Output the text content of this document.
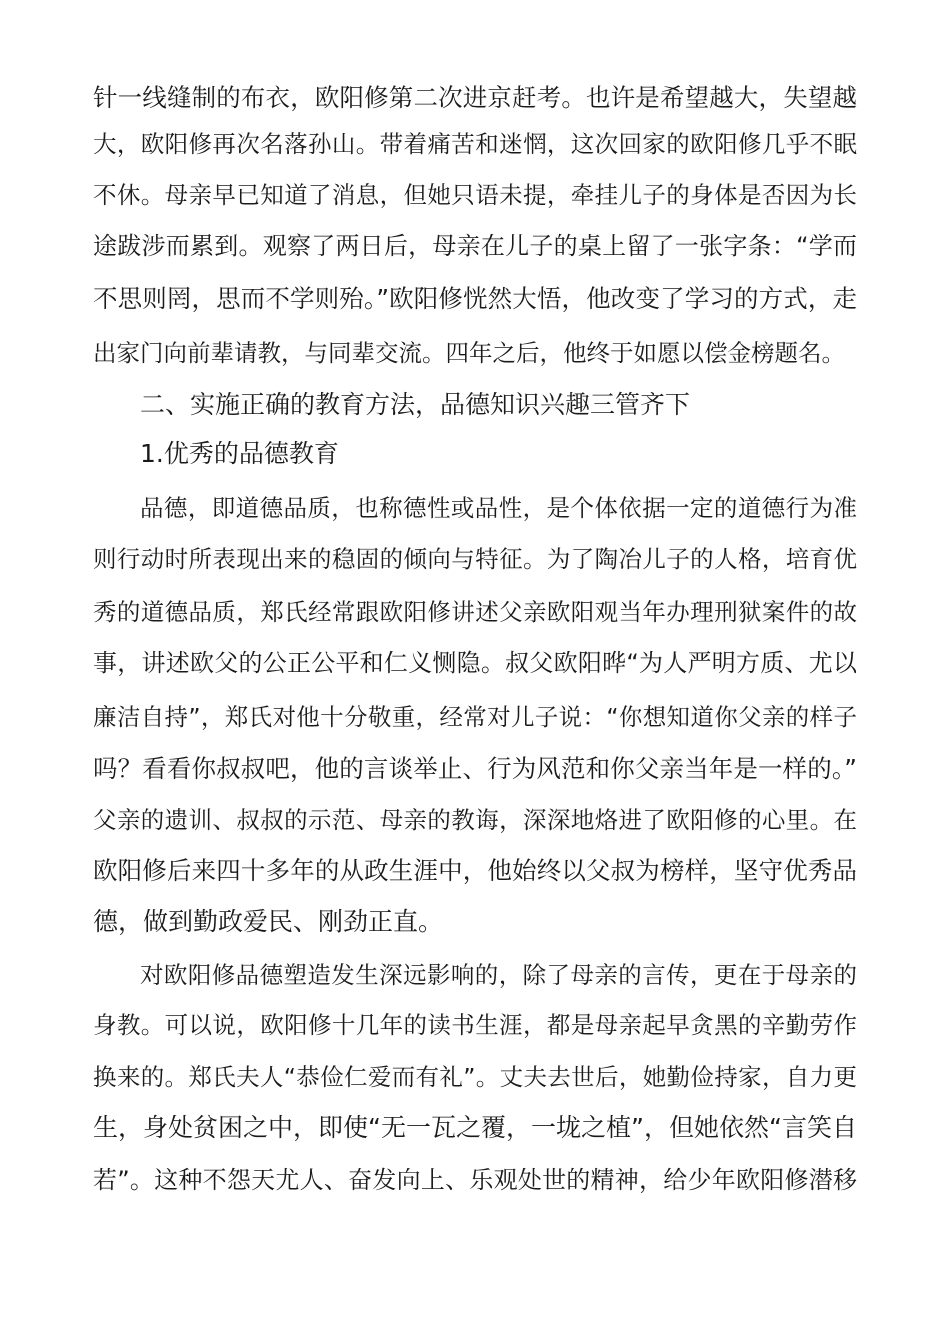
针一线缝制的布衣，欧阳修第二次进京赶考。也许是希望越大，失望越
大，欧阳修再次名落孙山。带着痛苦和迷惘，这次回家的欧阳修几乎不眠
不休。母亲早已知道了消息，但她只语未提，牵挂儿子的身体是否因为长
途跋涉而累到。观察了两日后，母亲在儿子的桌上留了一张字条：“学而
不思则罔，思而不学则殆。”欧阳修恍然大悟，他改变了学习的方式，走
出家门向前辈请教，与同辈交流。四年之后，他终于如愿以偿金榜题名。
二、实施正确的教育方法，品德知识兴趣三管齐下
1.优秀的品德教育
品德，即道德品质，也称德性或品性，是个体依据一定的道德行为准
则行动时所表现出来的稳固的倾向与特征。为了陶冶儿子的人格，培育优
秀的道德品质，郑氏经常跟欧阳修讲述父亲欧阳观当年办理刑狱案件的故
事，讲述欧父的公正公平和仁义恻隐。叔父欧阳晔“为人严明方质、尤以
廉洁自持”，郑氏对他十分敬重，经常对儿子说：“你想知道你父亲的样子
吗？看看你叔叔吧，他的言谈举止、行为风范和你父亲当年是一样的。”
父亲的遗训、叔叔的示范、母亲的教诲，深深地烙进了欧阳修的心里。在
欧阳修后来四十多年的从政生涯中，他始终以父叔为榜样，坚守优秀品
德，做到勤政爱民、刚劲正直。
对欧阳修品德塑造发生深远影响的，除了母亲的言传，更在于母亲的
身教。可以说，欧阳修十几年的读书生涯，都是母亲起早贪黑的辛勤劳作
换来的。郑氏夫人“恭俭仁爱而有礼”。丈夫去世后，她勤俭持家，自力更
生，身处贫困之中，即使“无一瓦之覆，一垅之植”，但她依然“言笑自
若”。这种不怨天尤人、奋发向上、乐观处世的精神，给少年欧阳修潜移
